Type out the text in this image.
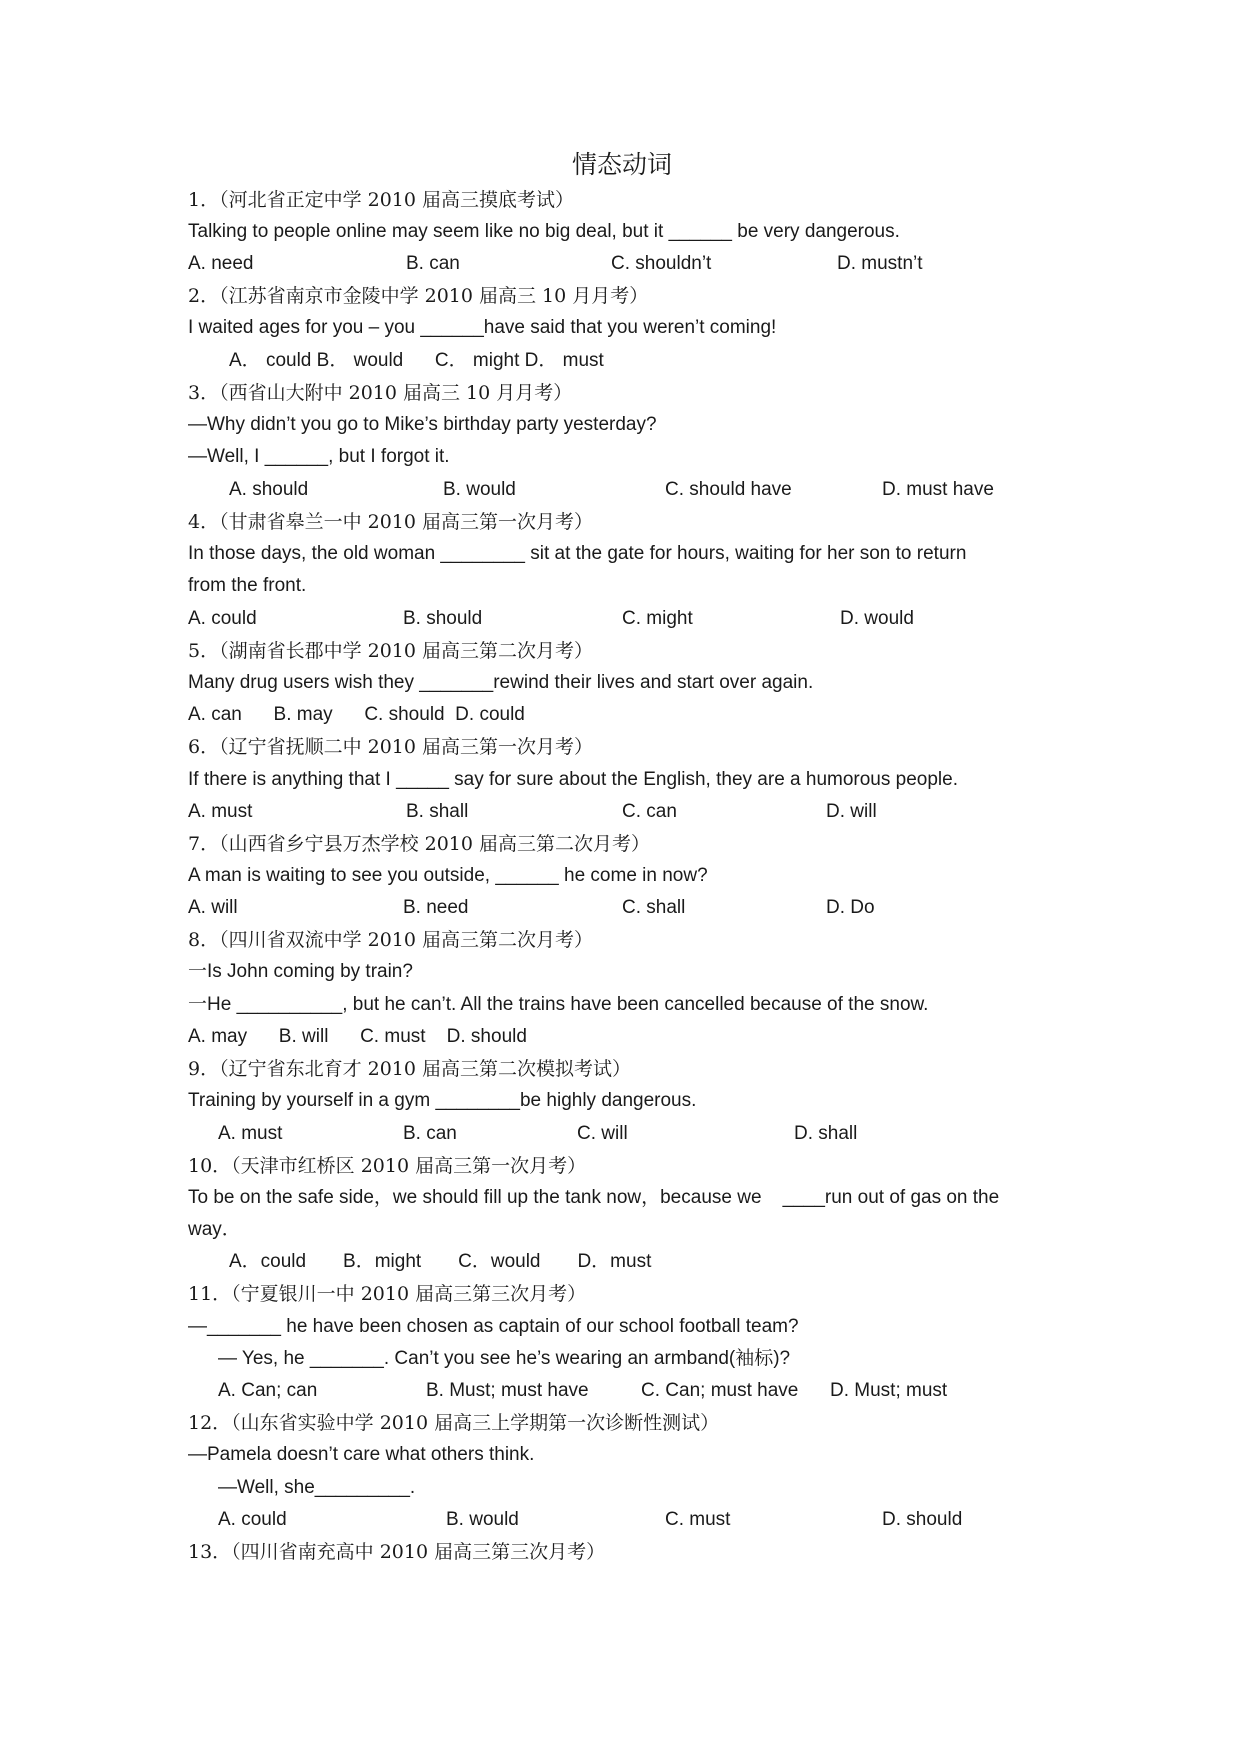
情态动词
1．（河北省正定中学 2010 届高三摸底考试）
Talking to people online may seem like no big deal, but it ______ be very dangerous.
A. need	B. can	C. shouldn’t	D. mustn’t
2．（江苏省南京市金陵中学 2010 届高三 10 月月考）
I waited ages for you – you ______have said that you weren’t coming!
A． could B． would      C． might D． must
3．（西省山大附中 2010 届高三 10 月月考）
—Why didn’t you go to Mike’s birthday party yesterday?
—Well, I ______, but I forgot it.
A. should	B. would	C. should have	D. must have
4．（甘肃省皋兰一中 2010 届高三第一次月考）
In those days, the old woman ________ sit at the gate for hours, waiting for her son to return
from the front.
A. could	B. should	C. might	D. would
5．（湖南省长郡中学 2010 届高三第二次月考）
Many drug users wish they _______rewind their lives and start over again.
A. can      B. may      C. should  D. could
6．（辽宁省抚顺二中 2010 届高三第一次月考）
If there is anything that I _____ say for sure about the English, they are a humorous people.
A. must	B. shall	C. can	D. will
7．（山西省乡宁县万杰学校 2010 届高三第二次月考）
A man is waiting to see you outside, ______ he come in now?
A. will	B. need	C. shall	D. Do
8．（四川省双流中学 2010 届高三第二次月考）
一Is John coming by train?
一He __________, but he can’t. All the trains have been cancelled because of the snow.
A. may      B. will      C. must    D. should
9．（辽宁省东北育才 2010 届高三第二次模拟考试）
Training by yourself in a gym ________be highly dangerous.
A. must	B. can	C. will	D. shall
10．（天津市红桥区 2010 届高三第一次月考）
To be on the safe side，we should fill up the tank now，because we    ____run out of gas on the
way．
A．could       B．might       C．would       D．must
11．（宁夏银川一中 2010 届高三第三次月考）
—_______ he have been chosen as captain of our school football team?
— Yes, he _______. Can’t you see he’s wearing an armband(袖标)?
A. Can; can	B. Must; must have	C. Can; must have D. Must; must
12．（山东省实验中学 2010 届高三上学期第一次诊断性测试）
—Pamela doesn’t care what others think.
—Well, she_________.
A. could	B. would	C. must	D. should
13．（四川省南充高中 2010 届高三第三次月考）
